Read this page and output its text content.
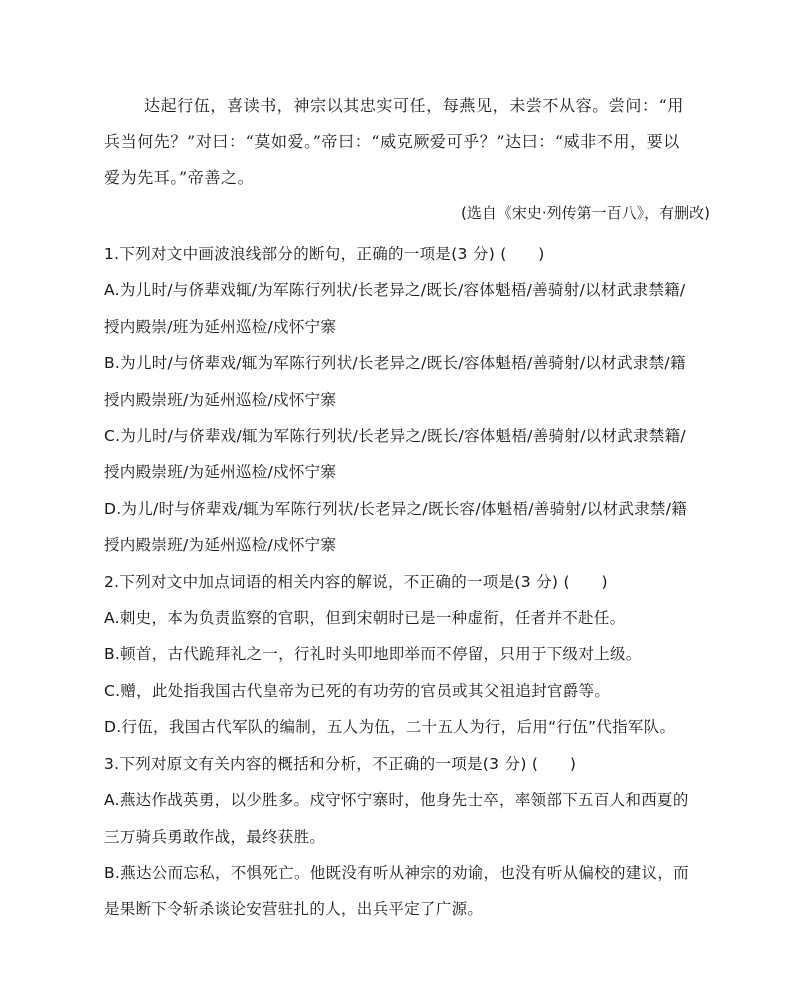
达起行伍，喜读书，神宗以其忠实可任，每燕见，未尝不从容。尝问：“用兵当何先？”对曰：“莫如爱。”帝曰：“威克厥爱可乎？”达曰：“威非不用，要以爱为先耳。”帝善之。
(选自《宋史·列传第一百八》，有删改)
1.下列对文中画波浪线部分的断句，正确的一项是(3 分) (　　)
A.为儿时/与侪辈戏辄/为军陈行列状/长老异之/既长/容体魁梧/善骑射/以材武隶禁籍/授内殿崇/班为延州巡检/戍怀宁寨
B.为儿时/与侪辈戏/辄为军陈行列状/长老异之/既长/容体魁梧/善骑射/以材武隶禁/籍授内殿崇班/为延州巡检/戍怀宁寨
C.为儿时/与侪辈戏/辄为军陈行列状/长老异之/既长/容体魁梧/善骑射/以材武隶禁籍/授内殿崇班/为延州巡检/戍怀宁寨
D.为儿/时与侪辈戏/辄为军陈行列状/长老异之/既长容/体魁梧/善骑射/以材武隶禁/籍授内殿崇班/为延州巡检/戍怀宁寨
2.下列对文中加点词语的相关内容的解说，不正确的一项是(3 分) (　　)
A.刺史，本为负责监察的官职，但到宋朝时已是一种虚衔，任者并不赴任。
B.顿首，古代跪拜礼之一，行礼时头叩地即举而不停留，只用于下级对上级。
C.赠，此处指我国古代皇帝为已死的有功劳的官员或其父祖追封官爵等。
D.行伍，我国古代军队的编制，五人为伍，二十五人为行，后用“行伍”代指军队。
3.下列对原文有关内容的概括和分析，不正确的一项是(3 分) (　　)
A.燕达作战英勇，以少胜多。戍守怀宁寨时，他身先士卒，率领部下五百人和西夏的三万骑兵勇敢作战，最终获胜。
B.燕达公而忘私，不惧死亡。他既没有听从神宗的劝谕，也没有听从偏校的建议，而是果断下令斩杀谈论安营驻扎的人，出兵平定了广源。
